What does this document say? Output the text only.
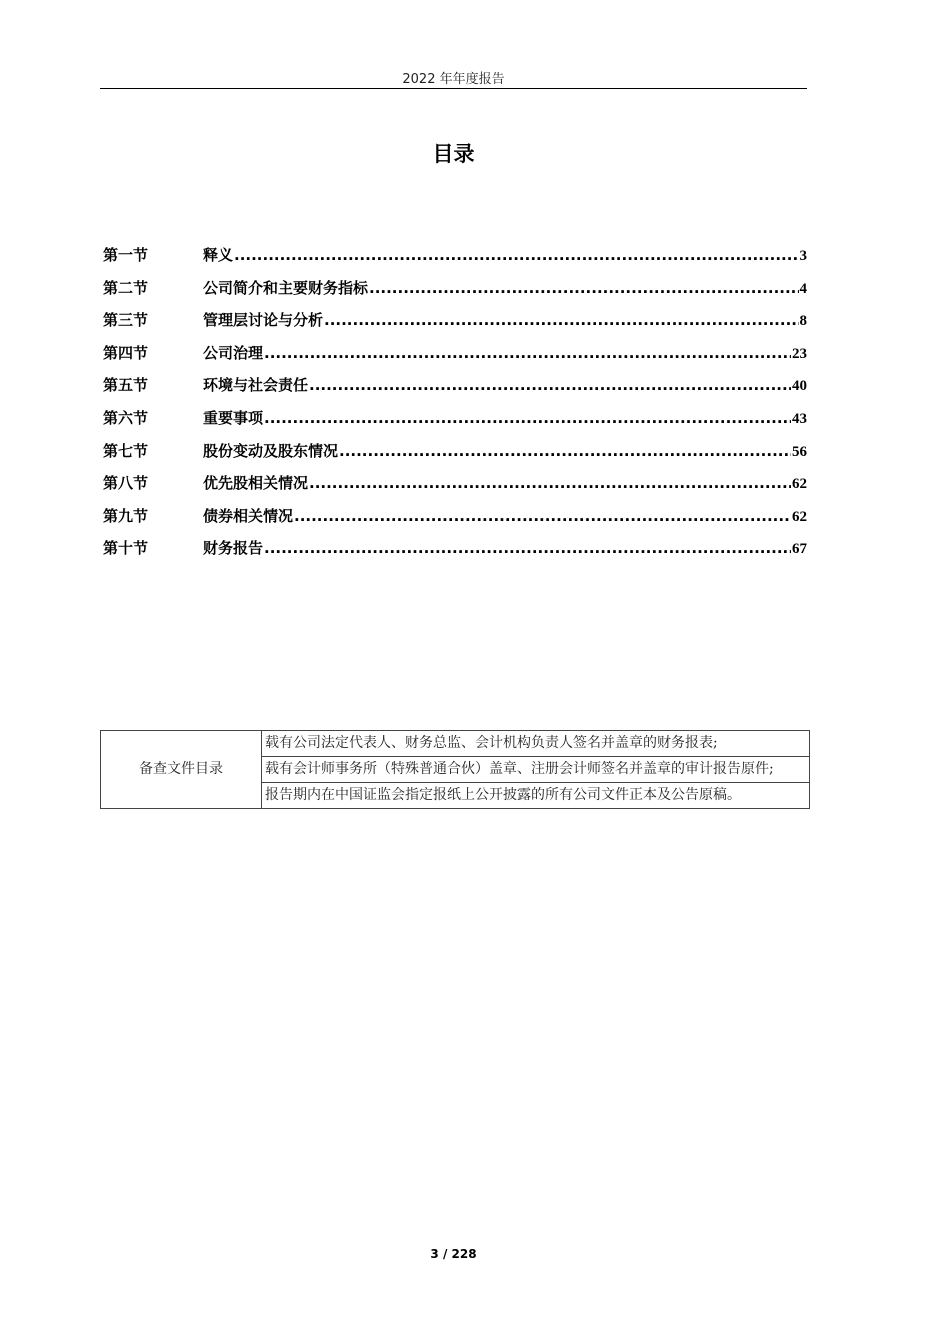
2022 年年度报告
目录
第一节	释义 .....	3
第二节	公司简介和主要财务指标 .....	4
第三节	管理层讨论与分析 .....	8
第四节	公司治理 .....	23
第五节	环境与社会责任 .....	40
第六节	重要事项 .....	43
第七节	股份变动及股东情况 .....	56
第八节	优先股相关情况 .....	62
第九节	债券相关情况 .....	62
第十节	财务报告 .....	67
备查文件目录	载有公司法定代表人、财务总监、会计机构负责人签名并盖章的财务报表;
载有会计师事务所（特殊普通合伙）盖章、注册会计师签名并盖章的审计报告原件;
报告期内在中国证监会指定报纸上公开披露的所有公司文件正本及公告原稿。
3 / 228
